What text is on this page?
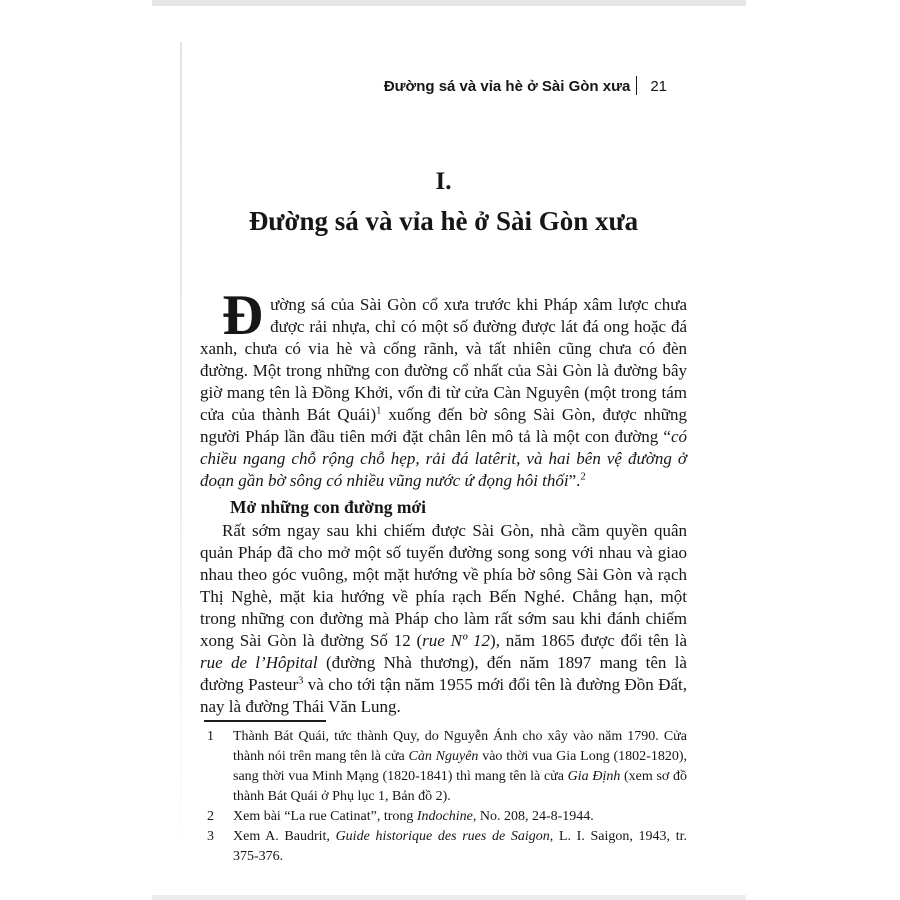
Đường sá và vỉa hè ở Sài Gòn xưa 21
I.
Đường sá và vỉa hè ở Sài Gòn xưa

Đường sá của Sài Gòn cổ xưa trước khi Pháp xâm lược chưa được rải nhựa, chỉ có một số đường được lát đá ong hoặc đá xanh, chưa có via hè và cống rãnh, và tất nhiên cũng chưa có đèn đường. Một trong những con đường cổ nhất của Sài Gòn là đường bây giờ mang tên là Đồng Khởi, vốn đi từ cửa Càn Nguyên (một trong tám cửa của thành Bát Quái)$^1$ xuống đến bờ sông Sài Gòn, được những người Pháp lần đầu tiên mới đặt chân lên mô tả là một con đường “có chiều ngang chỗ rộng chỗ hẹp, rải đá latêrit, và hai bên vệ đường ở đoạn gần bờ sông có nhiều vũng nước ứ đọng hôi thối”.$^2$

Mở những con đường mới

Rất sớm ngay sau khi chiếm được Sài Gòn, nhà cầm quyền quân quản Pháp đã cho mở một số tuyến đường song song với nhau và giao nhau theo góc vuông, một mặt hướng về phía bờ sông Sài Gòn và rạch Thị Nghè, mặt kia hướng về phía rạch Bến Nghé. Chẳng hạn, một trong những con đường mà Pháp cho làm rất sớm sau khi đánh chiếm xong Sài Gòn là đường Số 12 (rue Nº 12), năm 1865 được đổi tên là rue de l’Hôpital (đường Nhà thương), đến năm 1897 mang tên là đường Pasteur$^3$ và cho tới tận năm 1955 mới đổi tên là đường Đồn Đất, nay là đường Thái Văn Lung.

1	Thành Bát Quái, tức thành Quy, do Nguyễn Ánh cho xây vào năm 1790. Cửa thành nói trên mang tên là cửa Càn Nguyên vào thời vua Gia Long (1802-1820), sang thời vua Minh Mạng (1820-1841) thì mang tên là cửa Gia Định (xem sơ đồ thành Bát Quái ở Phụ lục 1, Bản đồ 2).
2	Xem bài “La rue Catinat”, trong Indochine, No. 208, 24-8-1944.
3	Xem A. Baudrit, Guide historique des rues de Saigon, L. I. Saigon, 1943, tr. 375-376.
